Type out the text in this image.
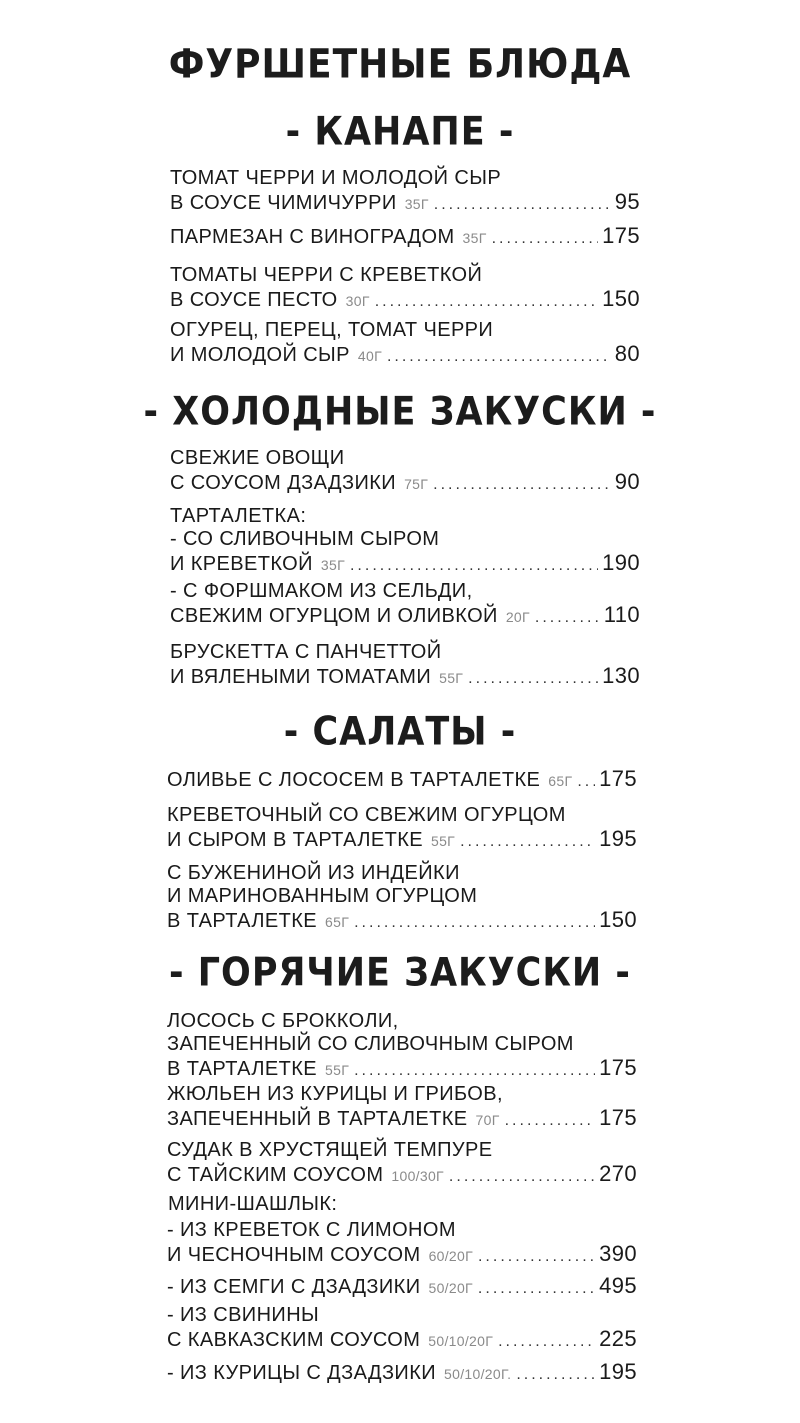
ФУРШЕТНЫЕ БЛЮДА
- КАНАПЕ -
- ХОЛОДНЫЕ ЗАКУСКИ -
- САЛАТЫ -
- ГОРЯЧИЕ ЗАКУСКИ -
МИНИ-ШАШЛЫК:
ТОМАТ ЧЕРРИ И МОЛОДОЙ СЫР
В СОУСЕ ЧИМИЧУРРИ 35Г .....	95
ПАРМЕЗАН С ВИНОГРАДОМ 35Г .....	175
ТОМАТЫ ЧЕРРИ С КРЕВЕТКОЙ
В СОУСЕ ПЕСТО 30Г .....	150
ОГУРЕЦ, ПЕРЕЦ, ТОМАТ ЧЕРРИ
И МОЛОДОЙ СЫР 40Г .....	80
СВЕЖИЕ ОВОЩИ
С СОУСОМ ДЗАДЗИКИ 75Г .....	90
ТАРТАЛЕТКА:
- СО СЛИВОЧНЫМ СЫРОМ
И КРЕВЕТКОЙ 35Г .....	190
- С ФОРШМАКОМ ИЗ СЕЛЬДИ,
СВЕЖИМ ОГУРЦОМ И ОЛИВКОЙ 20Г .....	110
БРУСКЕТТА С ПАНЧЕТТОЙ
И ВЯЛЕНЫМИ ТОМАТАМИ 55Г .....	130
ОЛИВЬЕ С ЛОСОСЕМ В ТАРТАЛЕТКЕ 65Г ..... 175
КРЕВЕТОЧНЫЙ СО СВЕЖИМ ОГУРЦОМ
И СЫРОМ В ТАРТАЛЕТКЕ 55Г .....	195
С БУЖЕНИНОЙ ИЗ ИНДЕЙКИ
И МАРИНОВАННЫМ ОГУРЦОМ
В ТАРТАЛЕТКЕ 65Г .....	150
ЛОСОСЬ С БРОККОЛИ,
ЗАПЕЧЕННЫЙ СО СЛИВОЧНЫМ СЫРОМ
В ТАРТАЛЕТКЕ 55Г .....	175
ЖЮЛЬЕН ИЗ КУРИЦЫ И ГРИБОВ,
ЗАПЕЧЕННЫЙ В ТАРТАЛЕТКЕ 70Г .....	175
СУДАК В ХРУСТЯЩЕЙ ТЕМПУРЕ
С ТАЙСКИМ СОУСОМ 100/30Г .....	270
- ИЗ КРЕВЕТОК С ЛИМОНОМ
И ЧЕСНОЧНЫМ СОУСОМ 60/20Г .....	390
- ИЗ СЕМГИ С ДЗАДЗИКИ 50/20Г .....	495
- ИЗ СВИНИНЫ
С КАВКАЗСКИМ СОУСОМ 50/10/20Г .....	225
- ИЗ КУРИЦЫ С ДЗАДЗИКИ 50/10/20Г. .....	195
